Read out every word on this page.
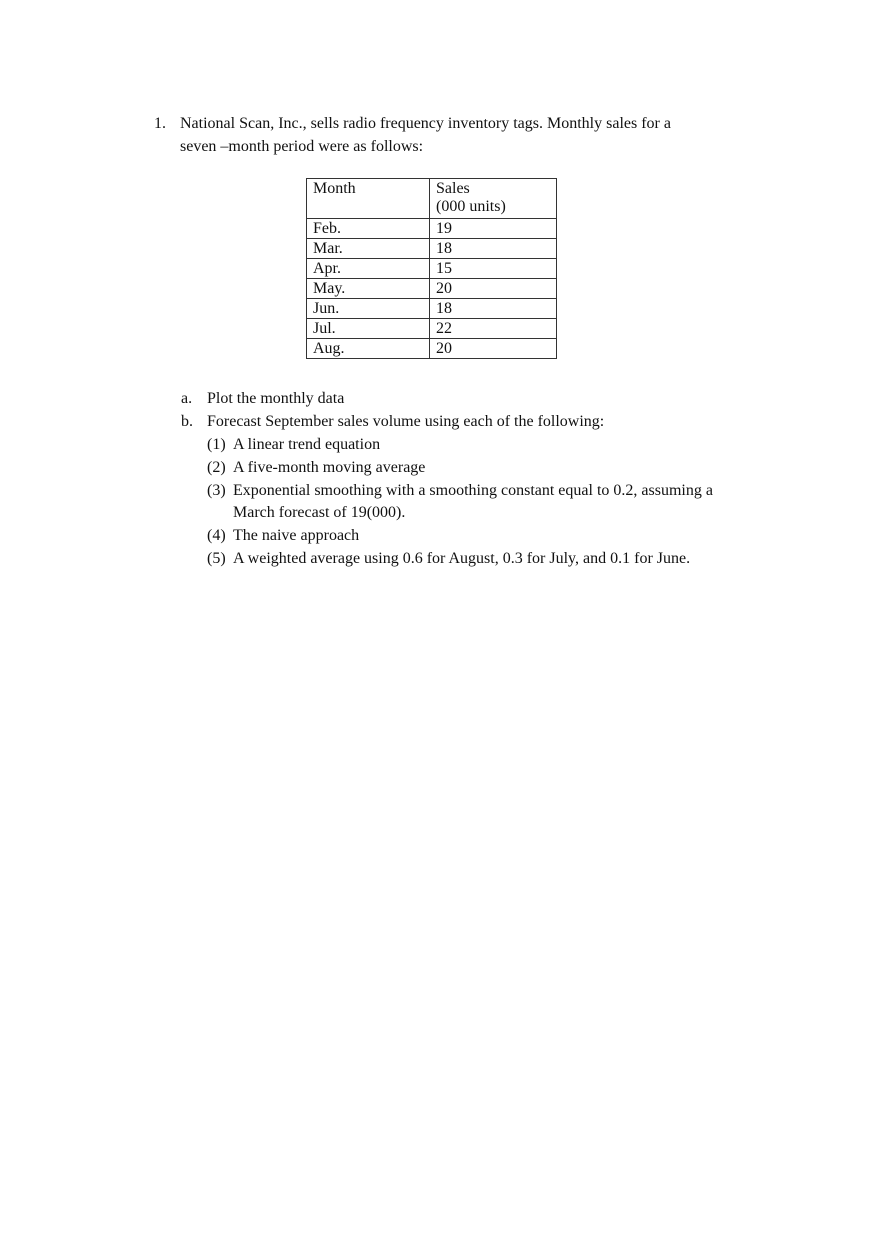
1. National Scan, Inc., sells radio frequency inventory tags. Monthly sales for a
seven –month period were as follows:
Month	Sales
(000 units)
Feb.	19
Mar.	18
Apr.	15
May.	20
Jun.	18
Jul.	22
Aug.	20
a. Plot the monthly data
b. Forecast September sales volume using each of the following:
(1) A linear trend equation
(2) A five-month moving average
(3) Exponential smoothing with a smoothing constant equal to 0.2, assuming a
March forecast of 19(000).
(4) The naive approach
(5) A weighted average using 0.6 for August, 0.3 for July, and 0.1 for June.
